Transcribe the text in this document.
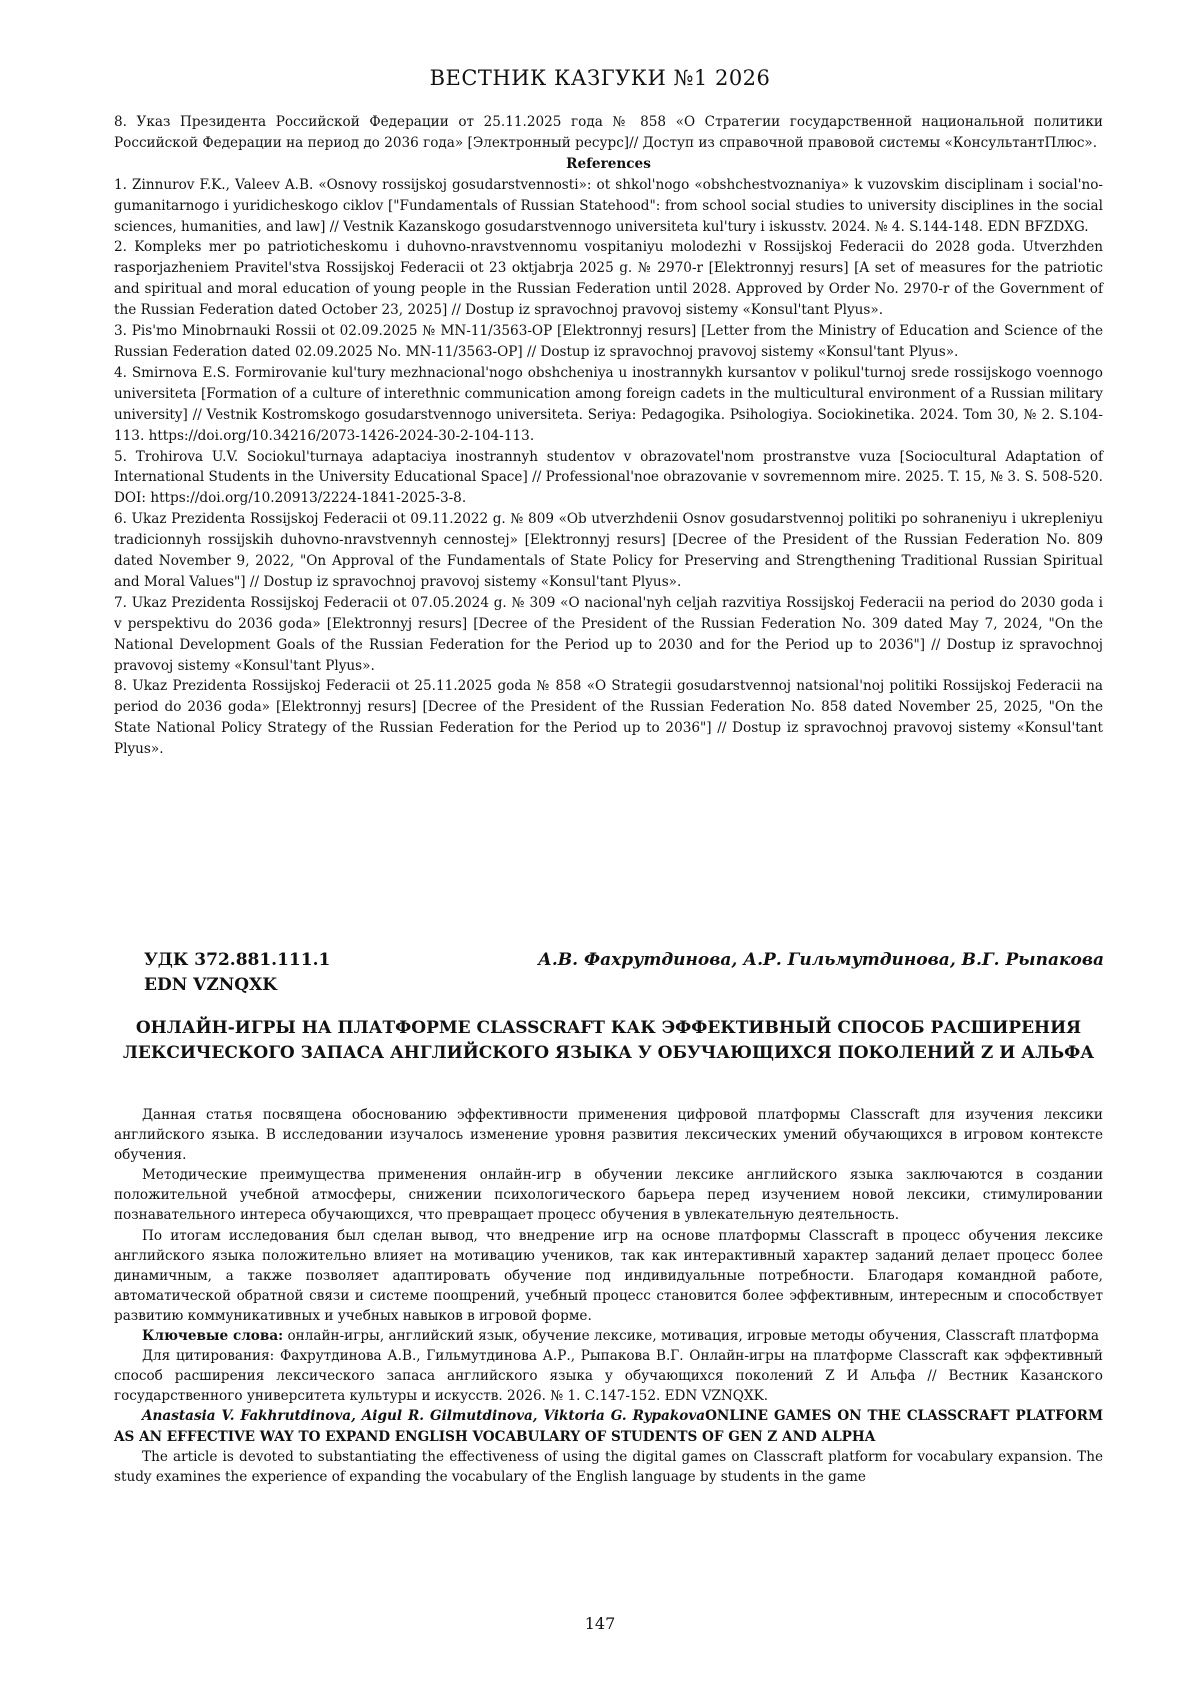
ВЕСТНИК КАЗГУКИ №1 2026

8. Указ Президента Российской Федерации от 25.11.2025 года № 858 «О Стратегии государственной национальной политики Российской Федерации на период до 2036 года» [Электронный ресурс]// Доступ из справочной правовой системы «КонсультантПлюс».

References

1. Zinnurov F.K., Valeev A.B. «Osnovy rossijskoj gosudarstvennosti»: ot shkol'nogo «obshchestvoznaniya» k vuzovskim disciplinam i social'no-gumanitarnogo i yuridicheskogo ciklov ["Fundamentals of Russian Statehood": from school social studies to university disciplines in the social sciences, humanities, and law] // Vestnik Kazanskogo gosudarstvennogo universiteta kul'tury i iskusstv. 2024. № 4. S.144-148. EDN BFZDXG.

2. Kompleks mer po patrioticheskomu i duhovno-nravstvennomu vospitaniyu molodezhi v Rossijskoj Federacii do 2028 goda. Utverzhden rasporjazheniem Pravitel'stva Rossijskoj Federacii ot 23 oktjabrja 2025 g. № 2970-r [Elektronnyj resurs] [A set of measures for the patriotic and spiritual and moral education of young people in the Russian Federation until 2028. Approved by Order No. 2970-r of the Government of the Russian Federation dated October 23, 2025] // Dostup iz spravochnoj pravovoj sistemy «Konsul'tant Plyus».

3. Pis'mo Minobrnauki Rossii ot 02.09.2025 № MN-11/3563-OP [Elektronnyj resurs] [Letter from the Ministry of Education and Science of the Russian Federation dated 02.09.2025 No. MN-11/3563-OP] // Dostup iz spravochnoj pravovoj sistemy «Konsul'tant Plyus».

4. Smirnova E.S. Formirovanie kul'tury mezhnacional'nogo obshcheniya u inostrannykh kursantov v polikul'turnoj srede rossijskogo voennogo universiteta [Formation of a culture of interethnic communication among foreign cadets in the multicultural environment of a Russian military university] // Vestnik Kostromskogo gosudarstvennogo universiteta. Seriya: Pedagogika. Psihologiya. Sociokinetika. 2024. Tom 30, № 2. S.104-113. https://doi.org/10.34216/2073-1426-2024-30-2-104-113.

5. Trohirova U.V. Sociokul'turnaya adaptaciya inostrannyh studentov v obrazovatel'nom prostranstve vuza [Sociocultural Adaptation of International Students in the University Educational Space] // Professional'noe obrazovanie v sovremennom mire. 2025. T. 15, № 3. S. 508-520. DOI: https://doi.org/10.20913/2224-1841-2025-3-8.

6. Ukaz Prezidenta Rossijskoj Federacii ot 09.11.2022 g. № 809 «Ob utverzhdenii Osnov gosudarstvennoj politiki po sohraneniyu i ukrepleniyu tradicionnyh rossijskih duhovno-nravstvennyh cennostej» [Elektronnyj resurs] [Decree of the President of the Russian Federation No. 809 dated November 9, 2022, "On Approval of the Fundamentals of State Policy for Preserving and Strengthening Traditional Russian Spiritual and Moral Values"] // Dostup iz spravochnoj pravovoj sistemy «Konsul'tant Plyus».

7. Ukaz Prezidenta Rossijskoj Federacii ot 07.05.2024 g. № 309 «O nacional'nyh celjah razvitiya Rossijskoj Federacii na period do 2030 goda i v perspektivu do 2036 goda» [Elektronnyj resurs] [Decree of the President of the Russian Federation No. 309 dated May 7, 2024, "On the National Development Goals of the Russian Federation for the Period up to 2030 and for the Period up to 2036"] // Dostup iz spravochnoj pravovoj sistemy «Konsul'tant Plyus».

8. Ukaz Prezidenta Rossijskoj Federacii ot 25.11.2025 goda № 858 «O Strategii gosudarstvennoj natsional'noj politiki Rossijskoj Federacii na period do 2036 goda» [Elektronnyj resurs] [Decree of the President of the Russian Federation No. 858 dated November 25, 2025, "On the State National Policy Strategy of the Russian Federation for the Period up to 2036"] // Dostup iz spravochnoj pravovoj sistemy «Konsul'tant Plyus».

УДК 372.881.111.1
EDN VZNQXK
А.В. Фахрутдинова, А.Р. Гильмутдинова, В.Г. Рыпакова
ОНЛАЙН-ИГРЫ НА ПЛАТФОРМЕ CLASSCRAFT КАК ЭФФЕКТИВНЫЙ СПОСОБ РАСШИРЕНИЯ ЛЕКСИЧЕСКОГО ЗАПАСА АНГЛИЙСКОГО ЯЗЫКА У ОБУЧАЮЩИХСЯ ПОКОЛЕНИЙ Z И АЛЬФА

Данная статья посвящена обоснованию эффективности применения цифровой платформы Classcraft для изучения лексики английского языка. В исследовании изучалось изменение уровня развития лексических умений обучающихся в игровом контексте обучения.

Методические преимущества применения онлайн-игр в обучении лексике английского языка заключаются в создании положительной учебной атмосферы, снижении психологического барьера перед изучением новой лексики, стимулировании познавательного интереса обучающихся, что превращает процесс обучения в увлекательную деятельность.

По итогам исследования был сделан вывод, что внедрение игр на основе платформы Classcraft в процесс обучения лексике английского языка положительно влияет на мотивацию учеников, так как интерактивный характер заданий делает процесс более динамичным, а также позволяет адаптировать обучение под индивидуальные потребности. Благодаря командной работе, автоматической обратной связи и системе поощрений, учебный процесс становится более эффективным, интересным и способствует развитию коммуникативных и учебных навыков в игровой форме.

Ключевые слова: онлайн-игры, английский язык, обучение лексике, мотивация, игровые методы обучения, Classcraft платформа

Для цитирования: Фахрутдинова А.В., Гильмутдинова А.Р., Рыпакова В.Г. Онлайн-игры на платформе Classcraft как эффективный способ расширения лексического запаса английского языка у обучающихся поколений Z И Альфа // Вестник Казанского государственного университета культуры и искусств. 2026. № 1. С.147-152. EDN VZNQXK.

Anastasia V. Fakhrutdinova, Aigul R. Gilmutdinova, Viktoria G. RypakovaONLINE GAMES ON THE CLASSCRAFT PLATFORM AS AN EFFECTIVE WAY TO EXPAND ENGLISH VOCABULARY OF STUDENTS OF GEN Z AND ALPHA

The article is devoted to substantiating the effectiveness of using the digital games on Classcraft platform for vocabulary expansion. The study examines the experience of expanding the vocabulary of the English language by students in the game

147
